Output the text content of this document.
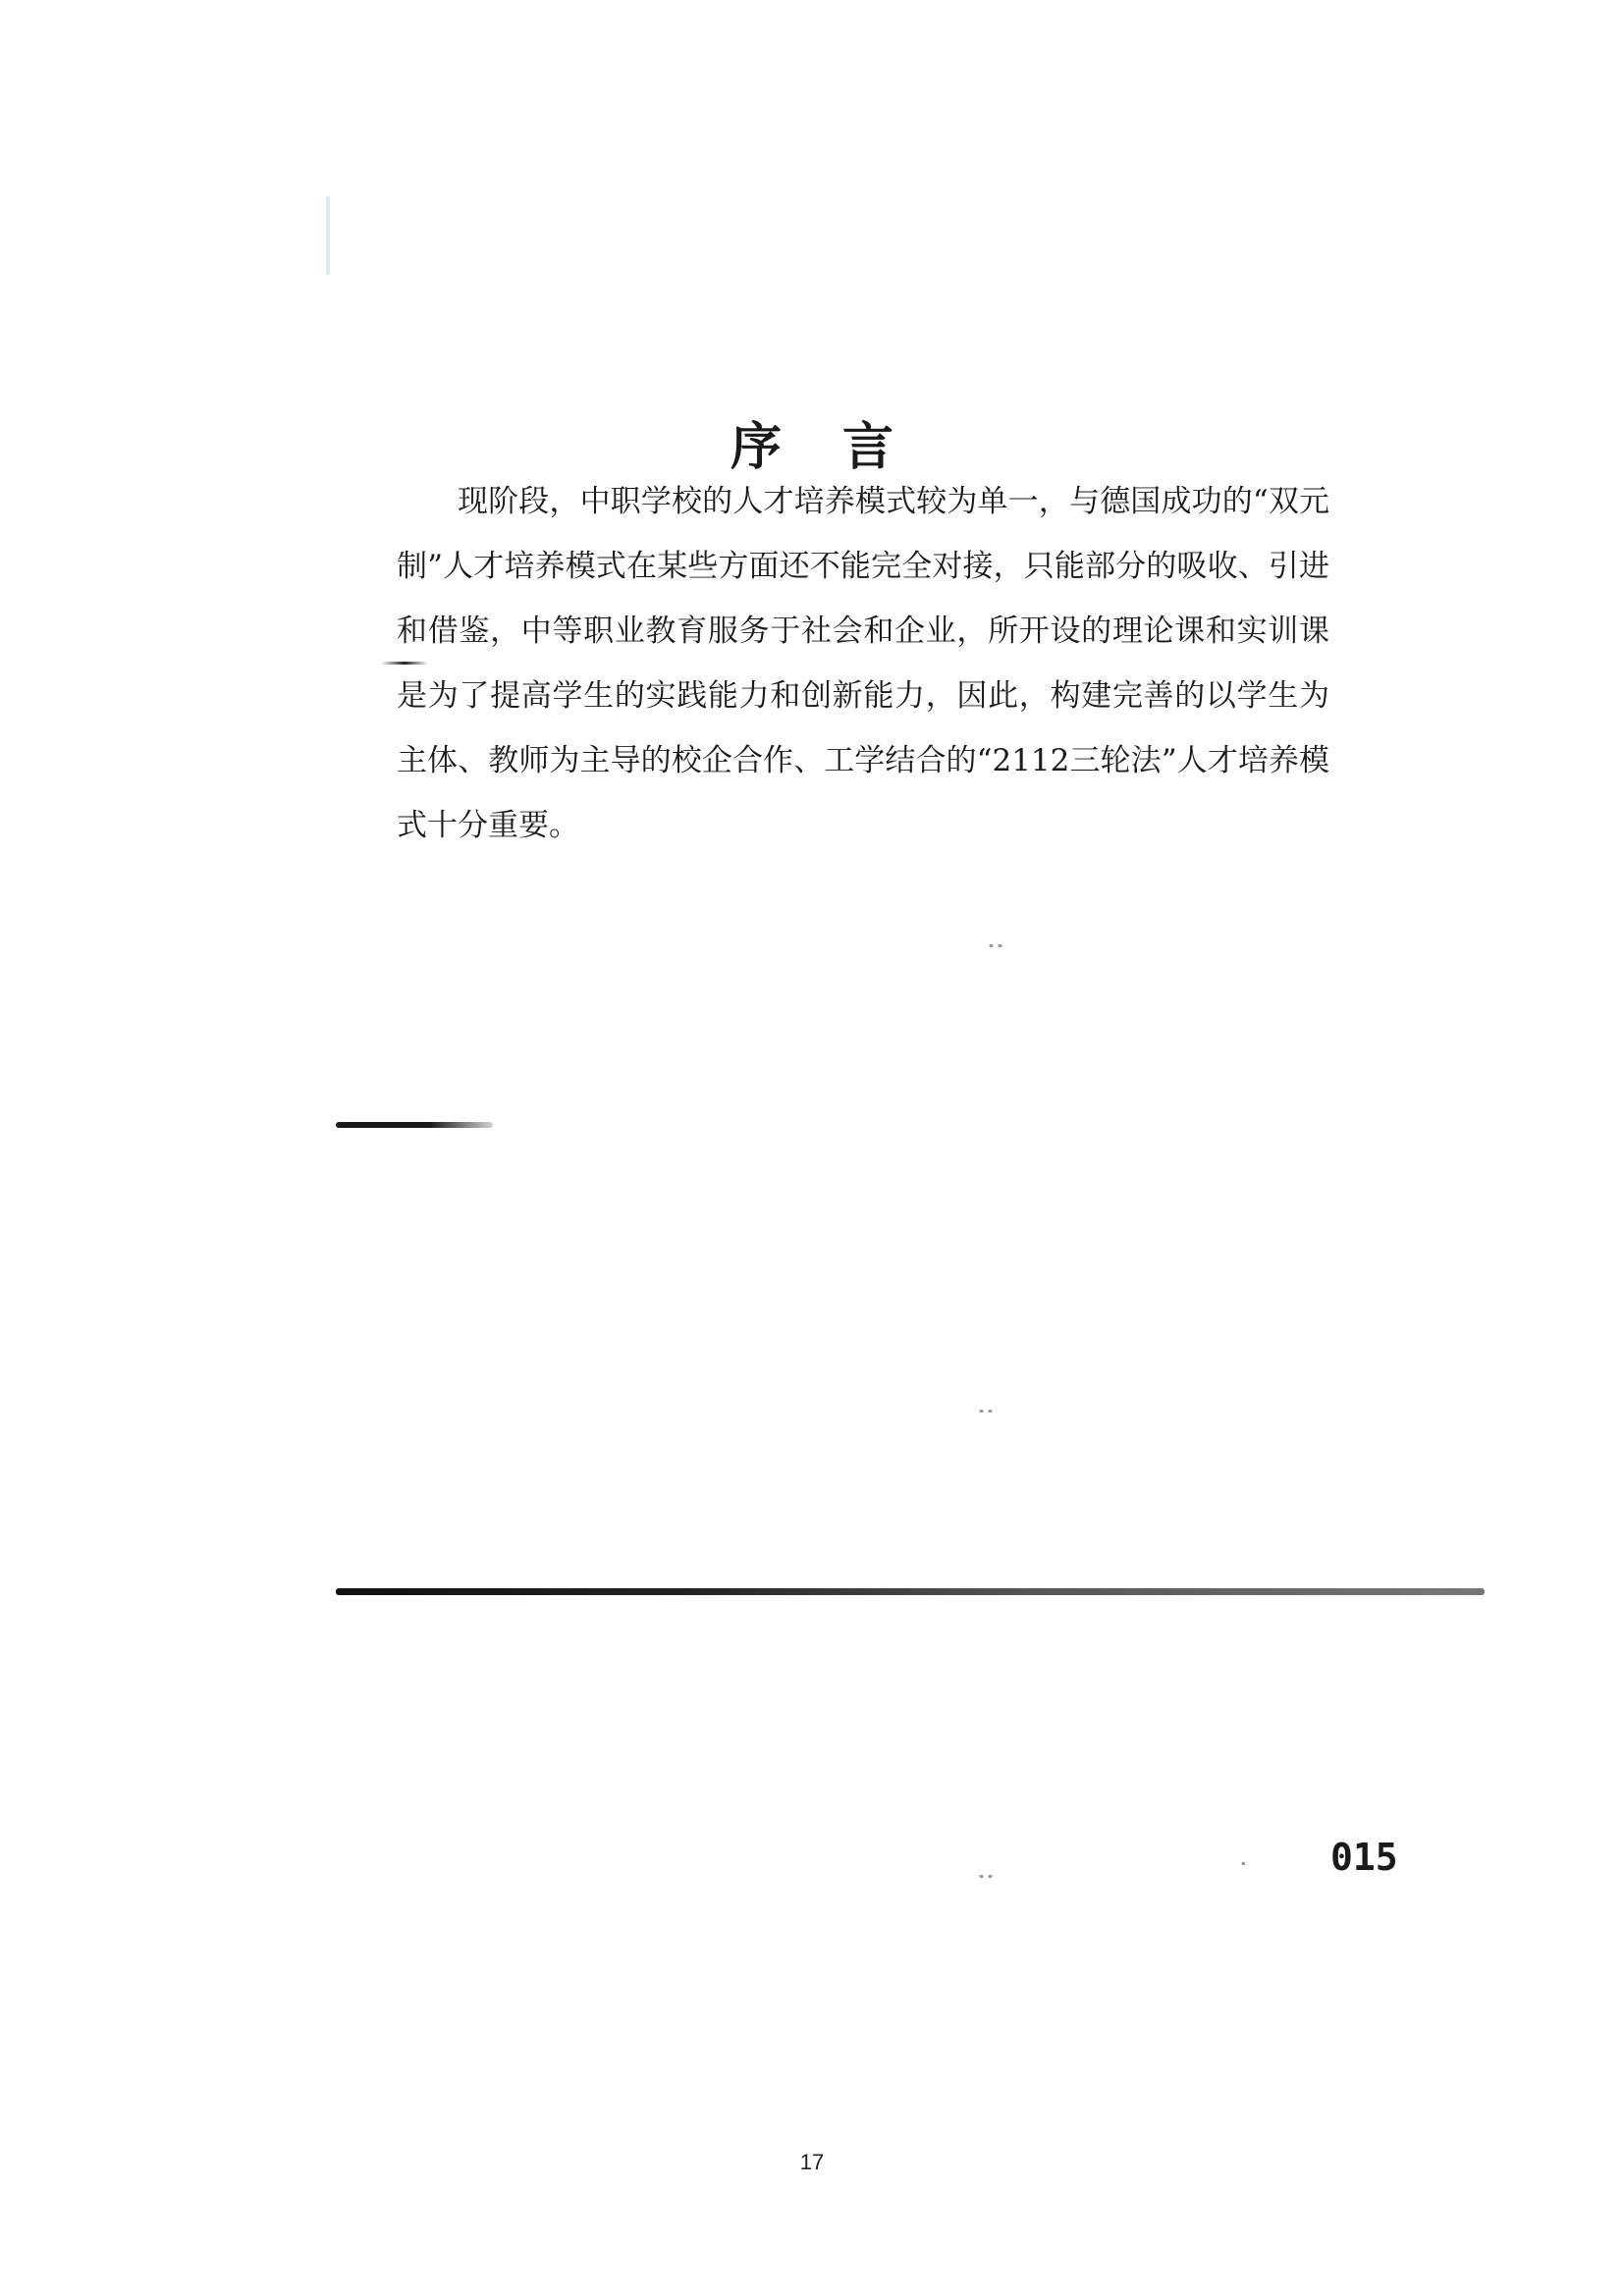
序言

现阶段，中职学校的人才培养模式较为单一，与德国成功的“双元制”人才培养模式在某些方面还不能完全对接，只能部分的吸收、引进和借鉴，中等职业教育服务于社会和企业，所开设的理论课和实训课是为了提高学生的实践能力和创新能力，因此，构建完善的以学生为主体、教师为主导的校企合作、工学结合的“2112三轮法”人才培养模式十分重要。

015
17
